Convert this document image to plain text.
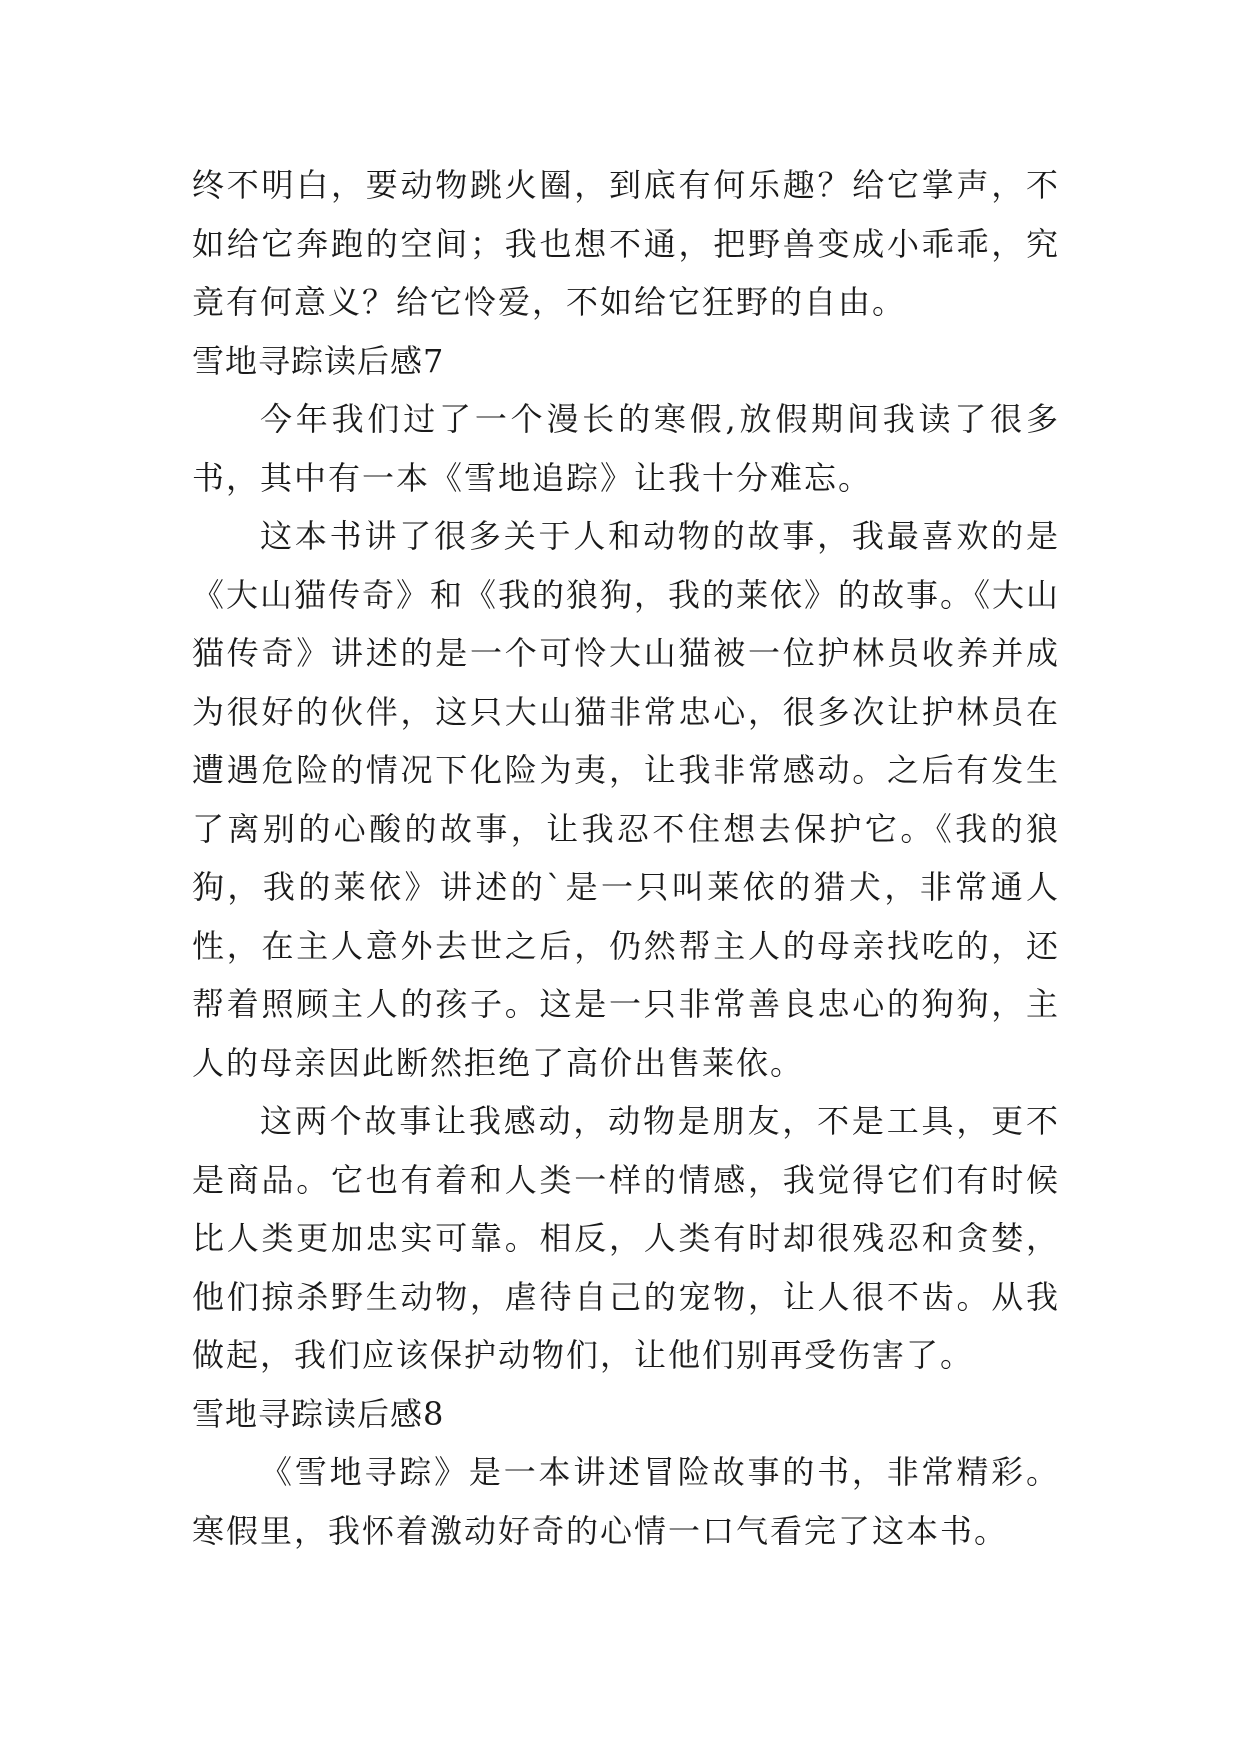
终不明白，要动物跳火圈，到底有何乐趣？给它掌声，不如给它奔跑的空间；我也想不通，把野兽变成小乖乖，究竟有何意义？给它怜爱，不如给它狂野的自由。

雪地寻踪读后感7

今年我们过了一个漫长的寒假,放假期间我读了很多书，其中有一本《雪地追踪》让我十分难忘。

这本书讲了很多关于人和动物的故事，我最喜欢的是《大山猫传奇》和《我的狼狗，我的莱依》的故事。《大山猫传奇》讲述的是一个可怜大山猫被一位护林员收养并成为很好的伙伴，这只大山猫非常忠心，很多次让护林员在遭遇危险的情况下化险为夷，让我非常感动。之后有发生了离别的心酸的故事，让我忍不住想去保护它。《我的狼狗，我的莱依》讲述的`是一只叫莱依的猎犬，非常通人性，在主人意外去世之后，仍然帮主人的母亲找吃的，还帮着照顾主人的孩子。这是一只非常善良忠心的狗狗，主人的母亲因此断然拒绝了高价出售莱依。

这两个故事让我感动，动物是朋友，不是工具，更不是商品。它也有着和人类一样的情感，我觉得它们有时候比人类更加忠实可靠。相反，人类有时却很残忍和贪婪，他们掠杀野生动物，虐待自己的宠物，让人很不齿。从我做起，我们应该保护动物们，让他们别再受伤害了。

雪地寻踪读后感8

《雪地寻踪》是一本讲述冒险故事的书，非常精彩。寒假里，我怀着激动好奇的心情一口气看完了这本书。
